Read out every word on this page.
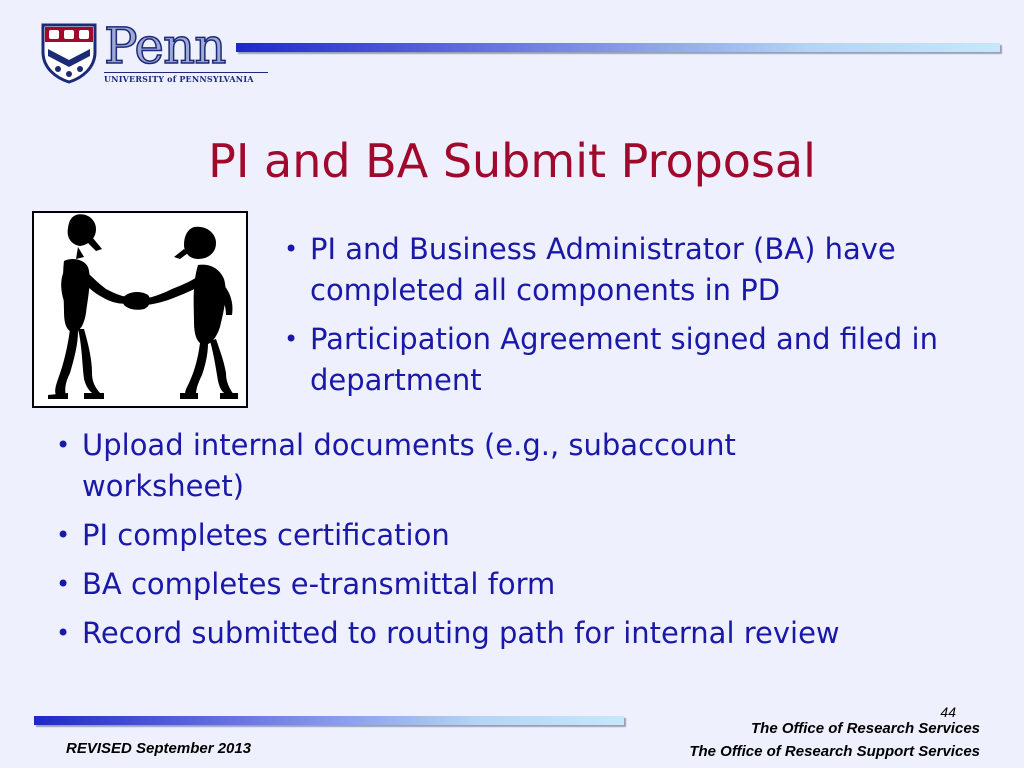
Penn
UNIVERSITY of PENNSYLVANIA
PI and BA Submit Proposal
• PI and Business Administrator (BA) have completed all components in PD
• Participation Agreement signed and filed in department
• Upload internal documents (e.g., subaccount worksheet)
• PI completes certification
• BA completes e-transmittal form
• Record submitted to routing path for internal review
44
The Office of Research Services
The Office of Research Support Services
REVISED September 2013
